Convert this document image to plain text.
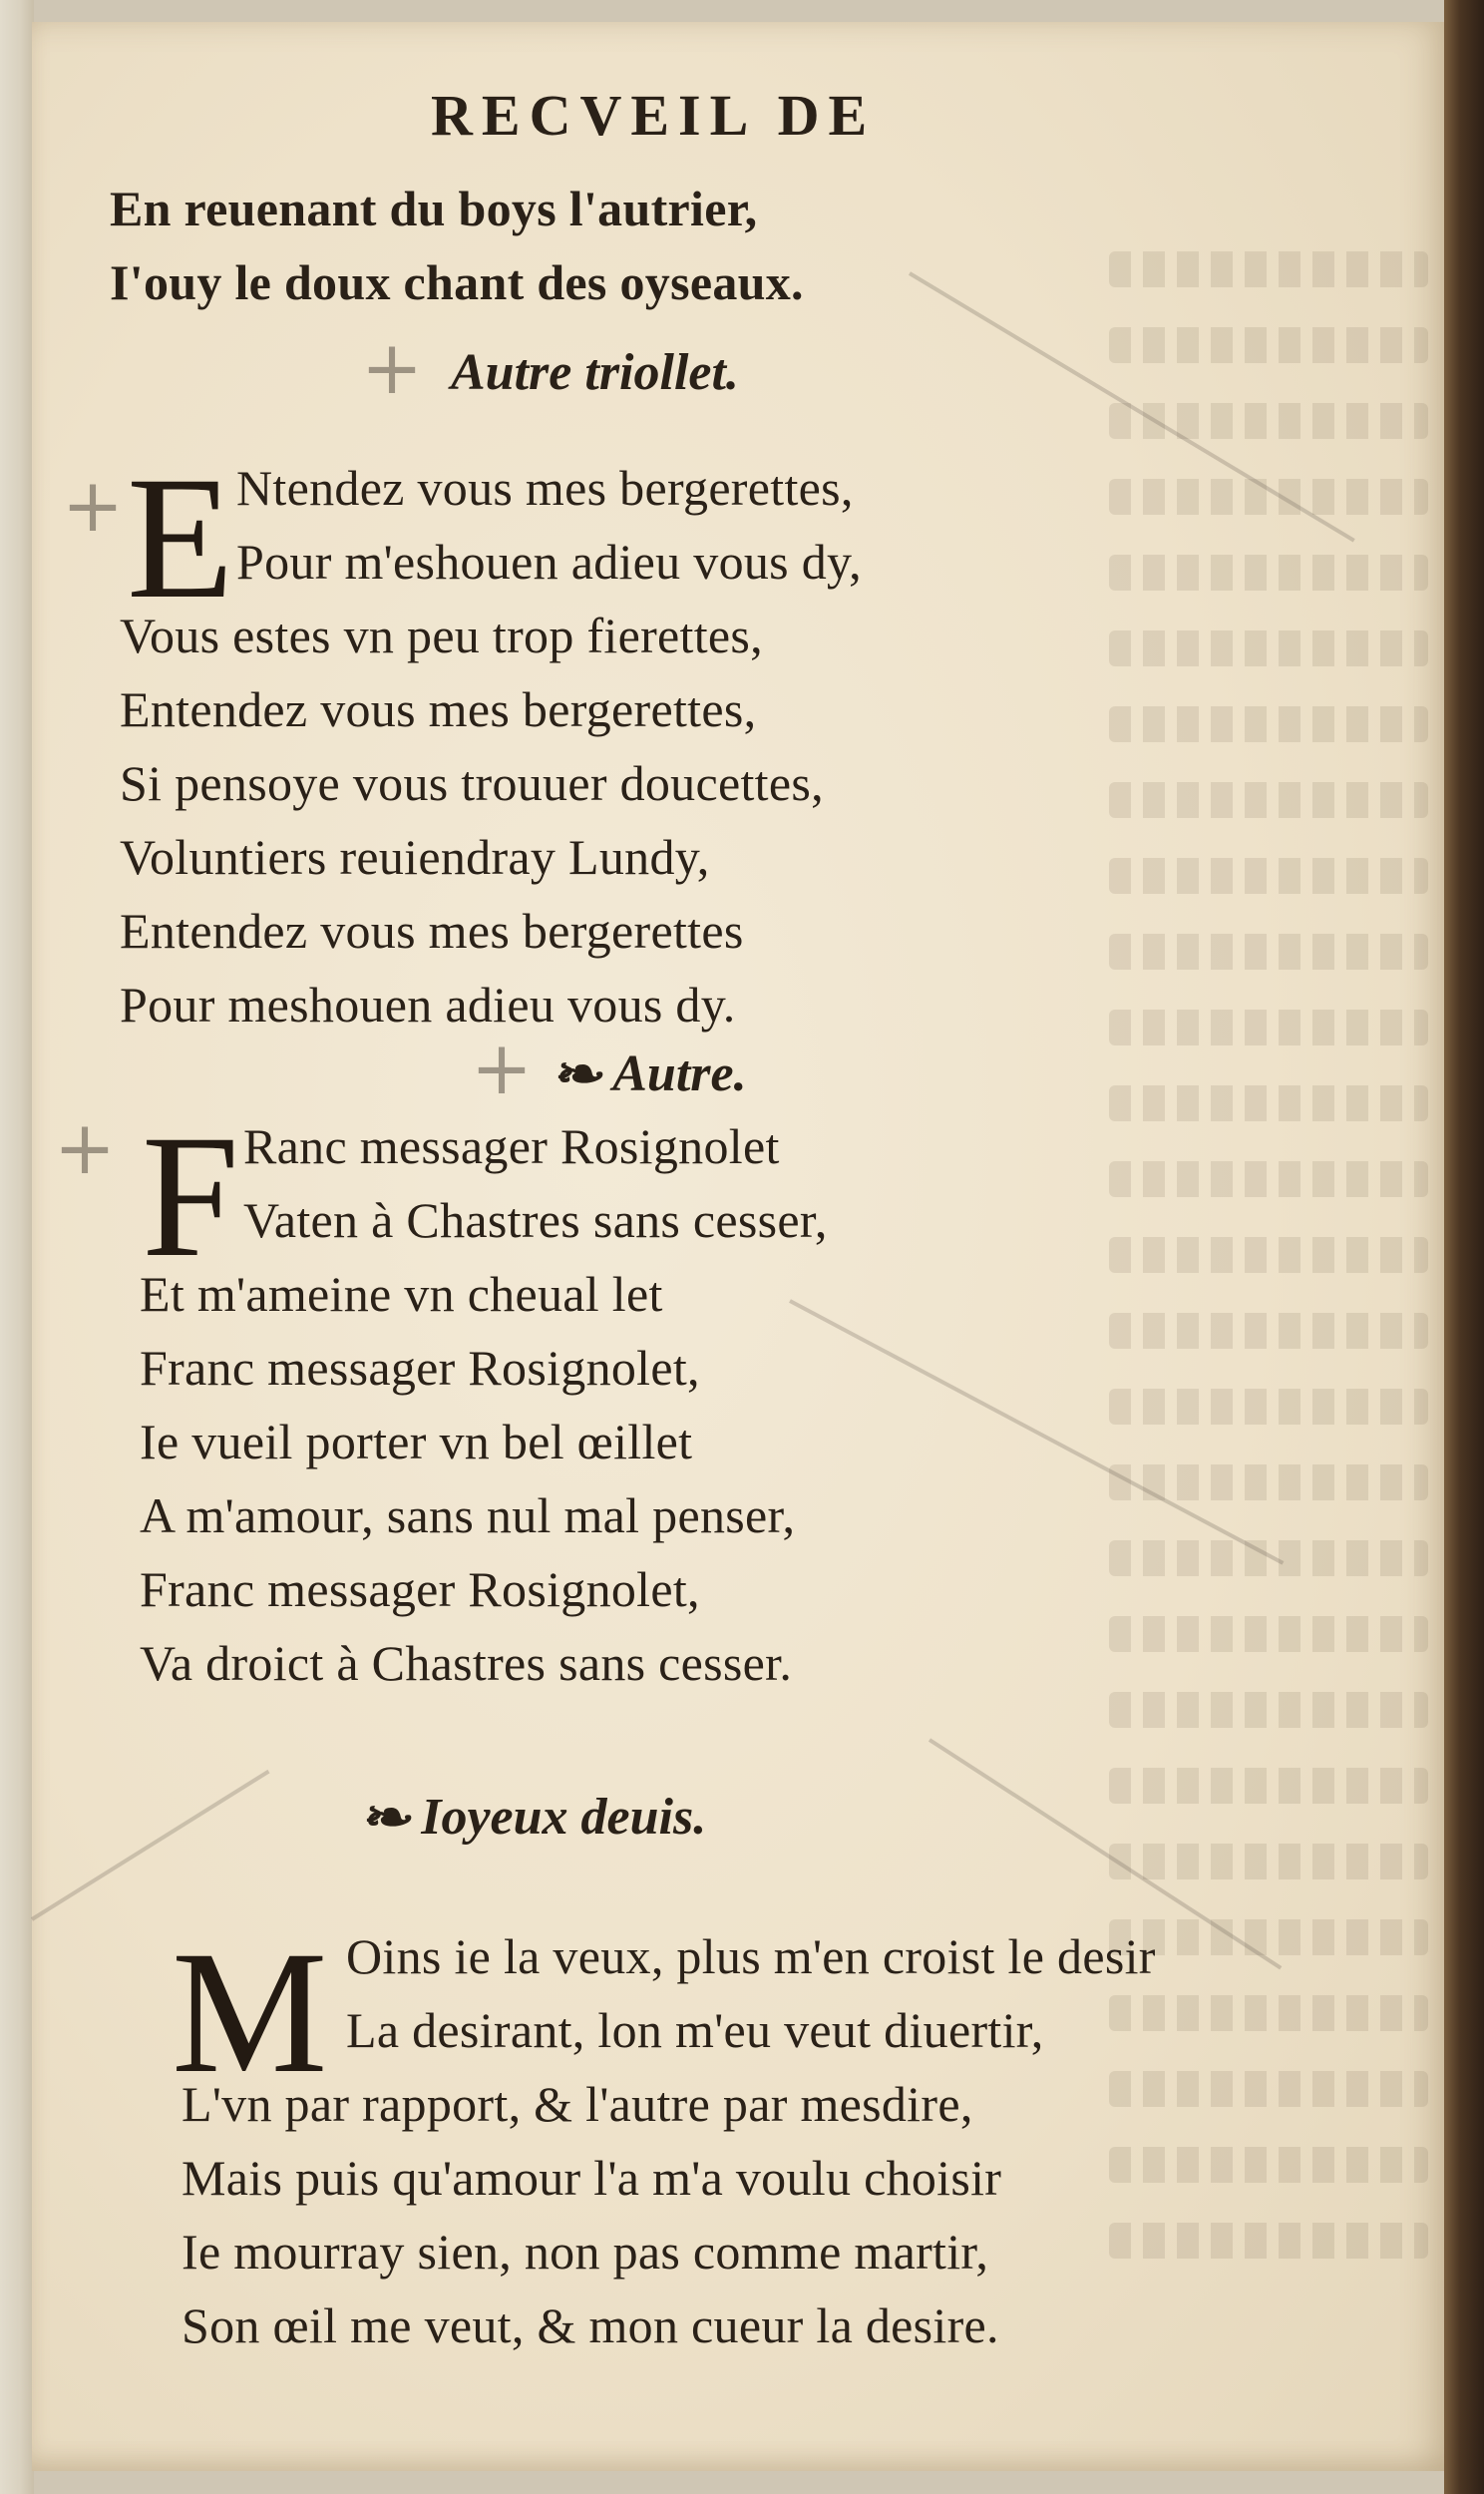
RECVEIL DE
En reuenant du boys l'autrier,
I'ouy le doux chant des oyseaux.
+ Autre triollet.
+ E Ntendez vous mes bergerettes,
Pour m'eshouen adieu vous dy,
Vous estes vn peu trop fierettes,
Entendez vous mes bergerettes,
Si pensoye vous trouuer doucettes,
Voluntiers reuiendray Lundy,
Entendez vous mes bergerettes
Pour meshouen adieu vous dy.
+ ❧ Autre.
+ F Ranc messager Rosignolet
Vaten à Chastres sans cesser,
Et m'ameine vn cheual let
Franc messager Rosignolet,
Ie vueil porter vn bel œillet
A m'amour, sans nul mal penser,
Franc messager Rosignolet,
Va droict à Chastres sans cesser.
❧ Ioyeux deuis.
M Oins ie la veux, plus m'en croist le desir
La desirant, lon m'eu veut diuertir,
L'vn par rapport, & l'autre par mesdire,
Mais puis qu'amour l'a m'a voulu choisir
Ie mourray sien, non pas comme martir,
Son œil me veut, & mon cueur la desire.
